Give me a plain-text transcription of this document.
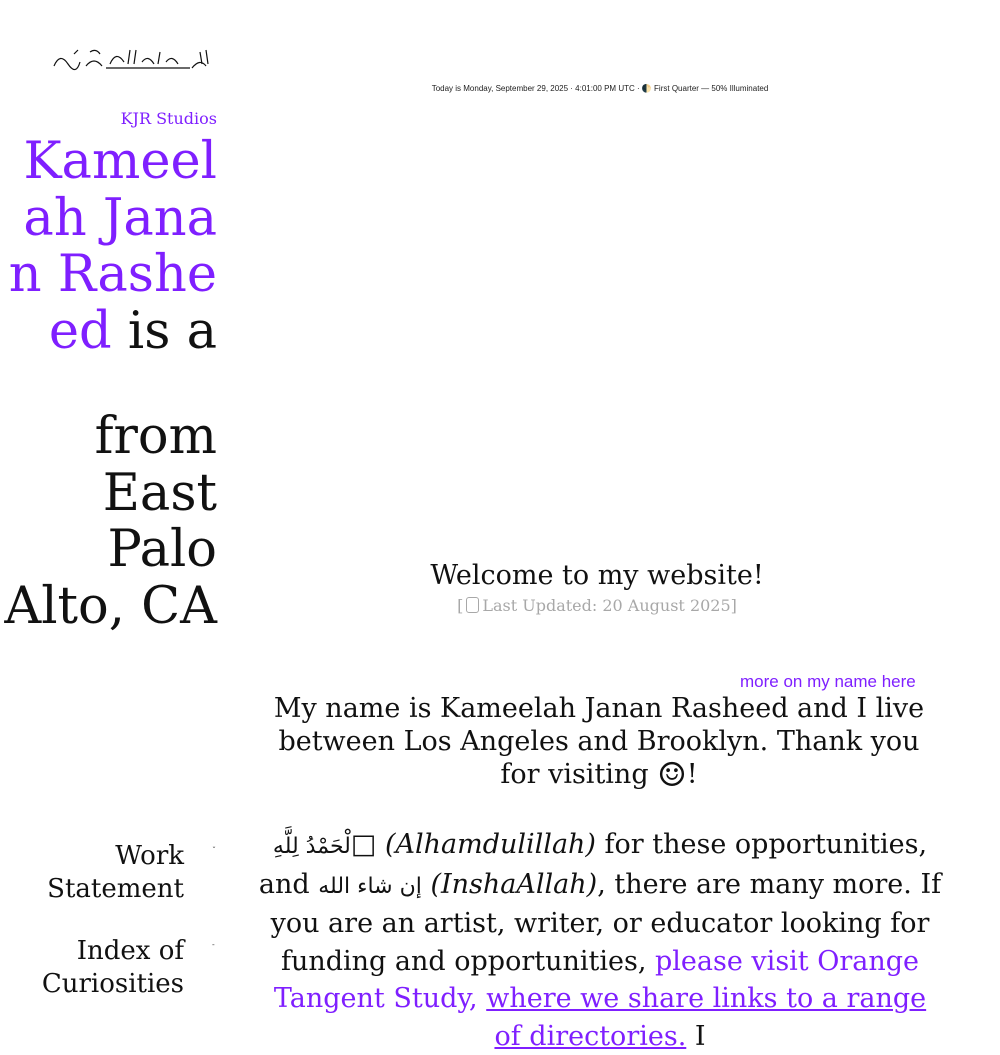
Today is Monday, September 29, 2025 · 4:01:00 PM UTC · 🌓 First Quarter — 50% Illuminated
KJR Studios
Kameelah Janan Rasheed is a
from East Palo Alto, CA
Work Statement
Index of Curiosities
ˇ
-
Welcome to my website!
[ Last Updated: 20 August 2025]
more on my name here
My name is Kameelah Janan Rasheed and I live between Los Angeles and Brooklyn. Thank you for visiting ☺!
لْحَمْدُ لِلَّهِ□ (Alhamdulillah) for these opportunities, and إن شاء الله (InshaAllah), there are many more. If you are an artist, writer, or educator looking for funding and opportunities, please visit Orange Tangent Study, where we share links to a range of directories. I
